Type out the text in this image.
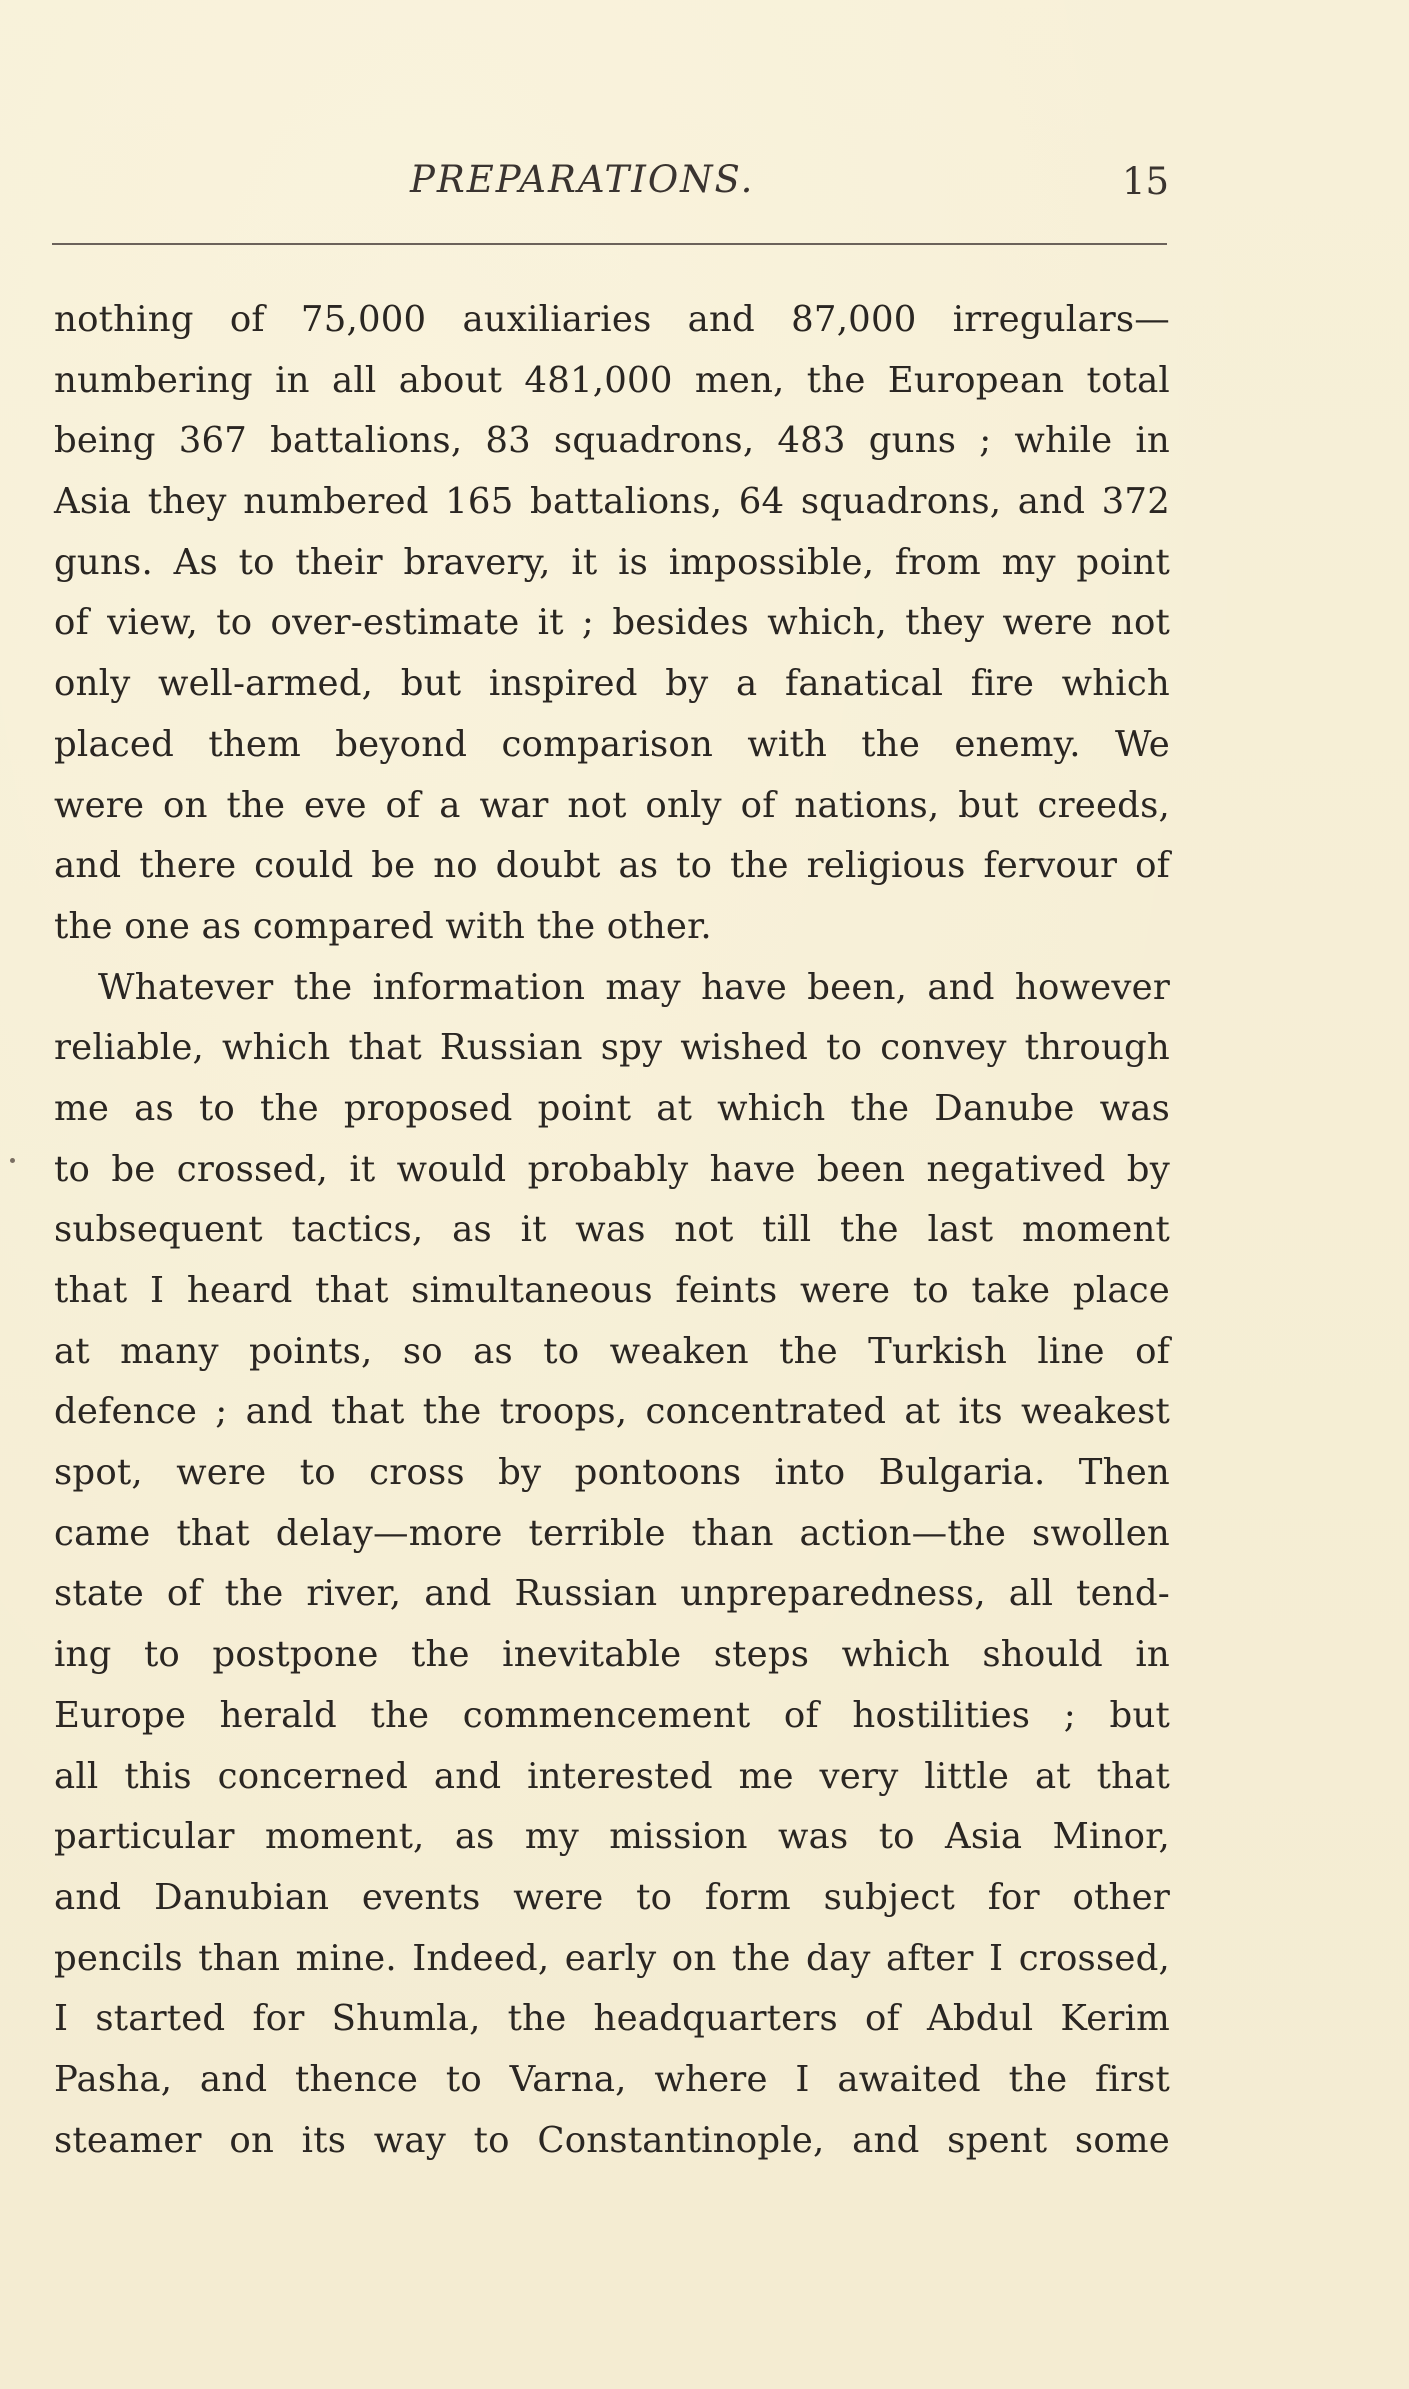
PREPARATIONS.	15
nothing of 75,000 auxiliaries and 87,000 irregulars—
numbering in all about 481,000 men, the European total
being 367 battalions, 83 squadrons, 483 guns ; while in
Asia they numbered 165 battalions, 64 squadrons, and 372
guns. As to their bravery, it is impossible, from my point
of view, to over-estimate it ; besides which, they were not
only well-armed, but inspired by a fanatical fire which
placed them beyond comparison with the enemy. We
were on the eve of a war not only of nations, but creeds,
and there could be no doubt as to the religious fervour of
the one as compared with the other.
Whatever the information may have been, and however
reliable, which that Russian spy wished to convey through
me as to the proposed point at which the Danube was
to be crossed, it would probably have been negatived by
subsequent tactics, as it was not till the last moment
that I heard that simultaneous feints were to take place
at many points, so as to weaken the Turkish line of
defence ; and that the troops, concentrated at its weakest
spot, were to cross by pontoons into Bulgaria. Then
came that delay—more terrible than action—the swollen
state of the river, and Russian unpreparedness, all tend-
ing to postpone the inevitable steps which should in
Europe herald the commencement of hostilities ; but
all this concerned and interested me very little at that
particular moment, as my mission was to Asia Minor,
and Danubian events were to form subject for other
pencils than mine. Indeed, early on the day after I crossed,
I started for Shumla, the headquarters of Abdul Kerim
Pasha, and thence to Varna, where I awaited the first
steamer on its way to Constantinople, and spent some
